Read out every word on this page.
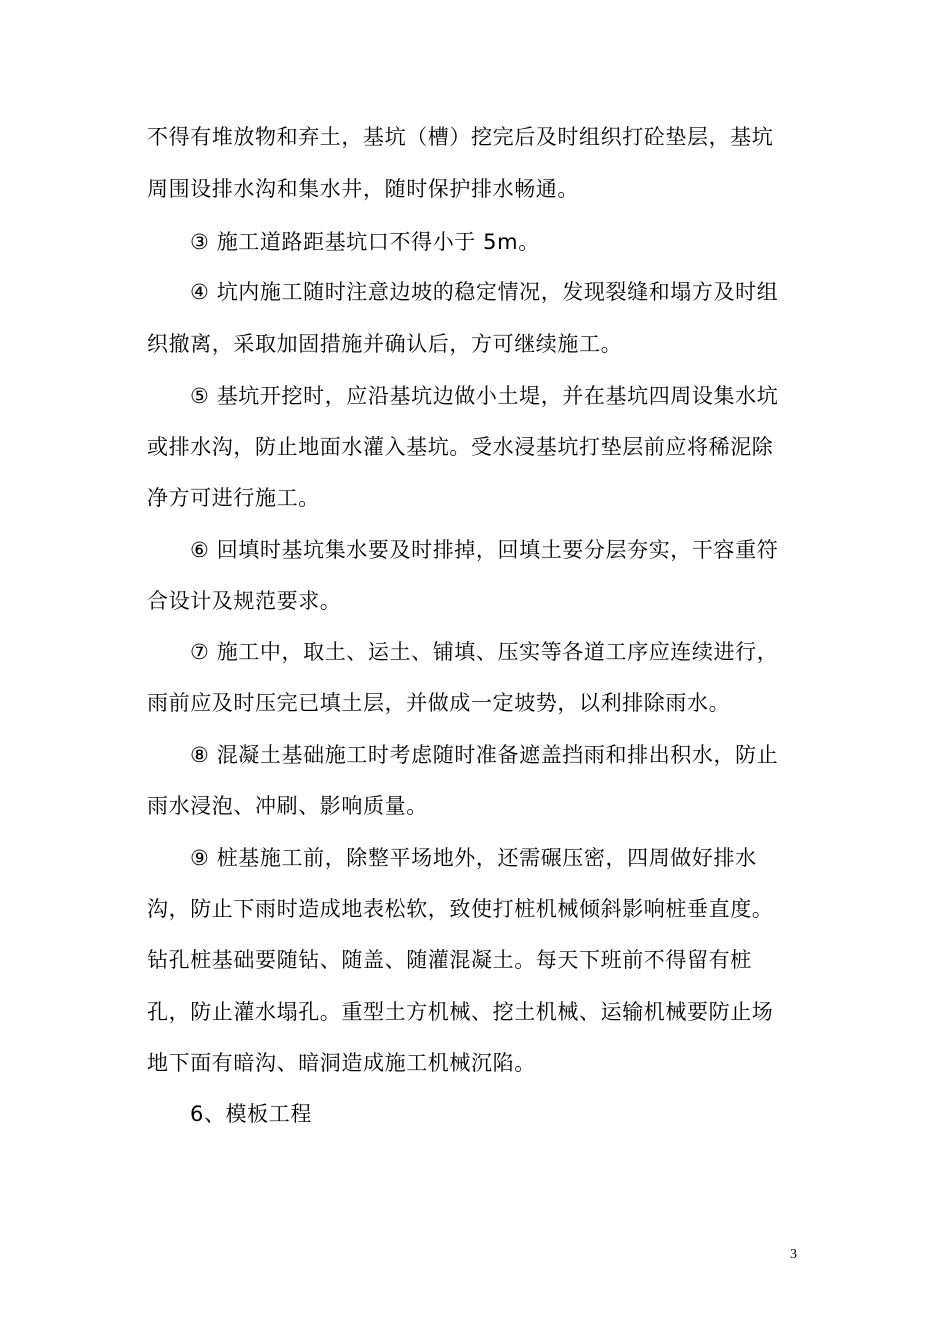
不得有堆放物和弃土，基坑（槽）挖完后及时组织打砼垫层，基坑
周围设排水沟和集水井，随时保护排水畅通。
③ 施工道路距基坑口不得小于 5m。
④ 坑内施工随时注意边坡的稳定情况，发现裂缝和塌方及时组
织撤离，采取加固措施并确认后，方可继续施工。
⑤ 基坑开挖时，应沿基坑边做小土堤，并在基坑四周设集水坑
或排水沟，防止地面水灌入基坑。受水浸基坑打垫层前应将稀泥除
净方可进行施工。
⑥ 回填时基坑集水要及时排掉，回填土要分层夯实，干容重符
合设计及规范要求。
⑦ 施工中，取土、运土、铺填、压实等各道工序应连续进行，
雨前应及时压完已填土层，并做成一定坡势，以利排除雨水。
⑧ 混凝土基础施工时考虑随时准备遮盖挡雨和排出积水，防止
雨水浸泡、冲刷、影响质量。
⑨ 桩基施工前，除整平场地外，还需碾压密，四周做好排水
沟，防止下雨时造成地表松软，致使打桩机械倾斜影响桩垂直度。
钻孔桩基础要随钻、随盖、随灌混凝土。每天下班前不得留有桩
孔，防止灌水塌孔。重型土方机械、挖土机械、运输机械要防止场
地下面有暗沟、暗洞造成施工机械沉陷。
6、模板工程
3
